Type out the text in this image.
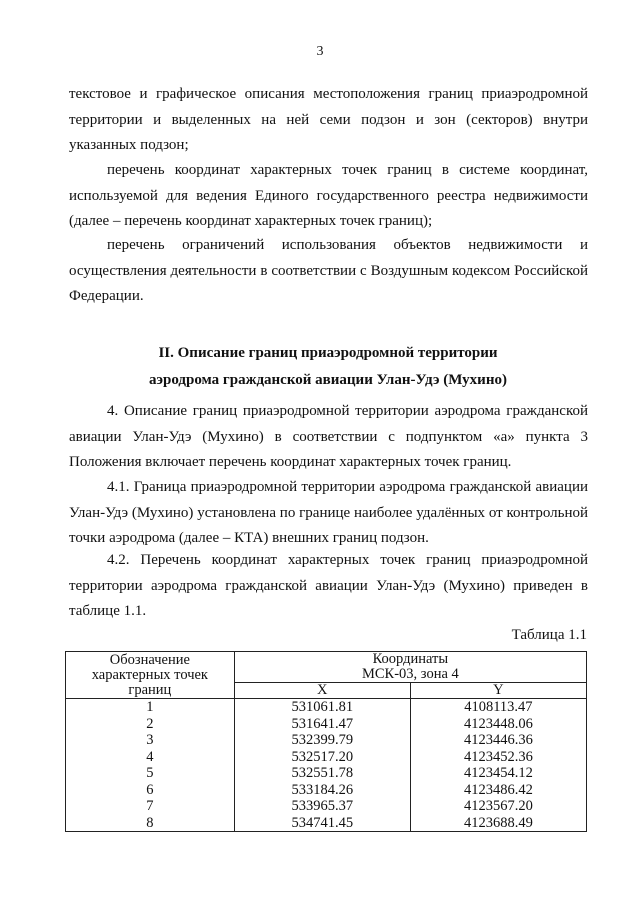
3

текстовое и графическое описания местоположения границ приаэродромной территории и выделенных на ней семи подзон и зон (секторов) внутри указанных подзон;

перечень координат характерных точек границ в системе координат, используемой для ведения Единого государственного реестра недвижимости (далее – перечень координат характерных точек границ);

перечень ограничений использования объектов недвижимости и осуществления деятельности в соответствии с Воздушным кодексом Российской Федерации.

II. Описание границ приаэродромной территории

аэродрома гражданской авиации Улан-Удэ (Мухино)

4. Описание границ приаэродромной территории аэродрома гражданской авиации Улан-Удэ (Мухино) в соответствии с подпунктом «а» пункта 3 Положения включает перечень координат характерных точек границ.

4.1. Граница приаэродромной территории аэродрома гражданской авиации Улан-Удэ (Мухино) установлена по границе наиболее удалённых от контрольной точки аэродрома (далее – КТА) внешних границ подзон.

4.2. Перечень координат характерных точек границ приаэродромной территории аэродрома гражданской авиации Улан-Удэ (Мухино) приведен в таблице 1.1.

Таблица 1.1
Обозначение характерных точек границ	Координаты
МСК-03, зона 4	

	X	Y
1	531061.81	4108113.47
2	531641.47	4123448.06
3	532399.79	4123446.36
4	532517.20	4123452.36
5	532551.78	4123454.12
6	533184.26	4123486.42
7	533965.37	4123567.20
8	534741.45	4123688.49
